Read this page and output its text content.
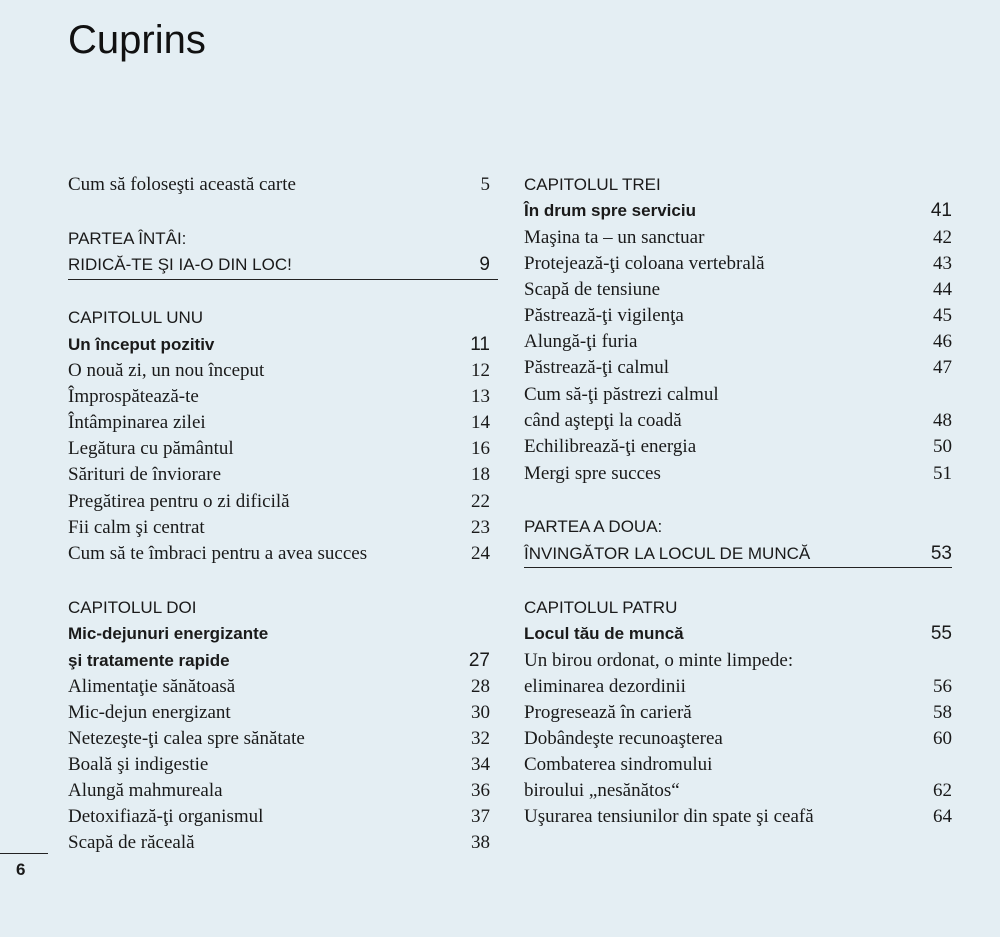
Cuprins
Cum să foloseşti această carte	5
PARTEA ÎNTÂI:
RIDICĂ-TE ŞI IA-O DIN LOC!	9
CAPITOLUL UNU
Un început pozitiv	11
O nouă zi, un nou început	12
Împrospătează-te	13
Întâmpinarea zilei	14
Legătura cu pământul	16
Sărituri de înviorare	18
Pregătirea pentru o zi dificilă	22
Fii calm şi centrat	23
Cum să te îmbraci pentru a avea succes	24
CAPITOLUL DOI
Mic-dejunuri energizante
şi tratamente rapide	27
Alimentaţie sănătoasă	28
Mic-dejun energizant	30
Netezeşte-ţi calea spre sănătate	32
Boală şi indigestie	34
Alungă mahmureala	36
Detoxifiază-ţi organismul	37
Scapă de răceală	38
CAPITOLUL TREI
În drum spre serviciu	41
Maşina ta – un sanctuar	42
Protejează-ţi coloana vertebrală	43
Scapă de tensiune	44
Păstrează-ţi vigilenţa	45
Alungă-ţi furia	46
Păstrează-ţi calmul	47
Cum să-ţi păstrezi calmul
când aştepţi la coadă	48
Echilibrează-ţi energia	50
Mergi spre succes	51
PARTEA A DOUA:
ÎNVINGĂTOR LA LOCUL DE MUNCĂ	53
CAPITOLUL PATRU
Locul tău de muncă	55
Un birou ordonat, o minte limpede:
eliminarea dezordinii	56
Progresează în carieră	58
Dobândeşte recunoaşterea	60
Combaterea sindromului
biroului „nesănătos“	62
Uşurarea tensiunilor din spate şi ceafă	64
6
